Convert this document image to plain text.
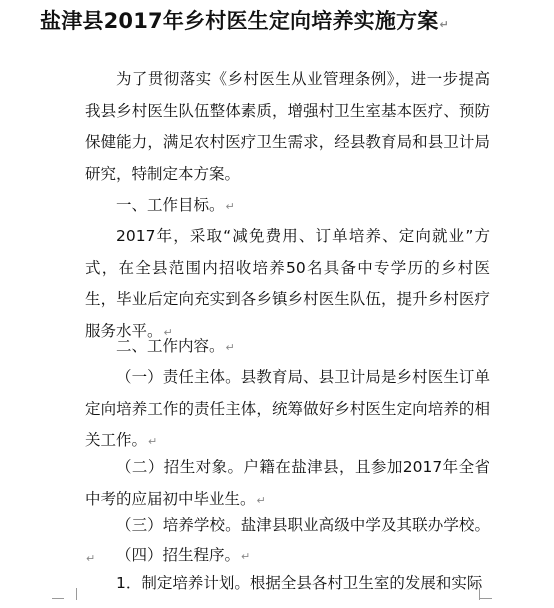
盐津县2017年乡村医生定向培养实施方案↵
为了贯彻落实《乡村医生从业管理条例》，进一步提高我县乡村医生队伍整体素质，增强村卫生室基本医疗、预防保健能力，满足农村医疗卫生需求，经县教育局和县卫计局研究，特制定本方案。
一、工作目标。↵
2017年，采取“减免费用、订单培养、定向就业”方式，在全县范围内招收培养50名具备中专学历的乡村医生，毕业后定向充实到各乡镇乡村医生队伍，提升乡村医疗服务水平。↵
二、工作内容。↵
（一）责任主体。县教育局、县卫计局是乡村医生订单定向培养工作的责任主体，统筹做好乡村医生定向培养的相关工作。↵
（二）招生对象。户籍在盐津县，且参加2017年全省中考的应届初中毕业生。↵
（三）培养学校。盐津县职业高级中学及其联办学校。↵	（四）招生程序。↵
1．制定培养计划。根据全县各村卫生室的发展和实际
